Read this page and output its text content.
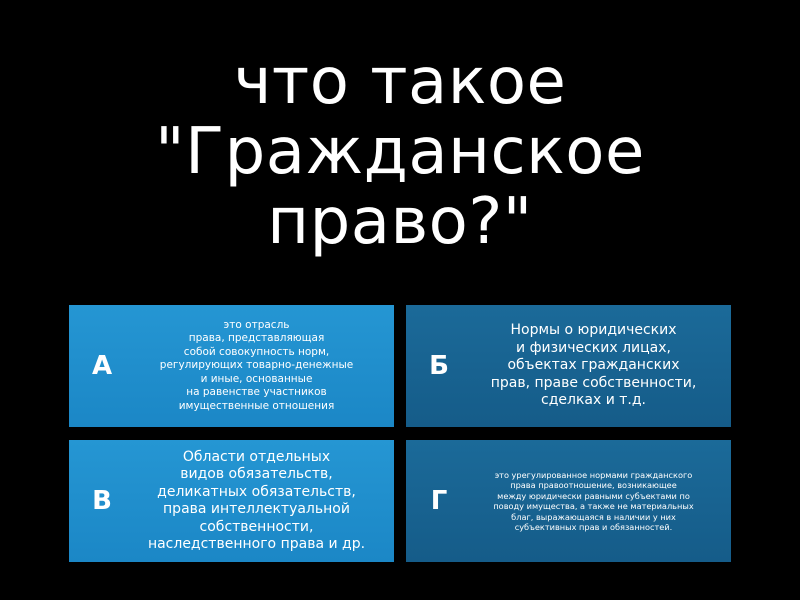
что такое
"Гражданское
право?"
А
это отрасль
права, представляющая
собой совокупность норм,
регулирующих товарно-денежные
и иные, основанные
на равенстве участников
имущественные отношения
Б
Нормы о юридических
и физических лицах,
объектах гражданских
прав, праве собственности,
сделках и т.д.
В
Области отдельных
видов обязательств,
деликатных обязательств,
права интеллектуальной
собственности,
наследственного права и др.
Г
это урегулированное нормами гражданского
права правоотношение, возникающее
между юридически равными субъектами по
поводу имущества, а также не материальных
благ, выражающаяся в наличии у них
субъективных прав и обязанностей.
